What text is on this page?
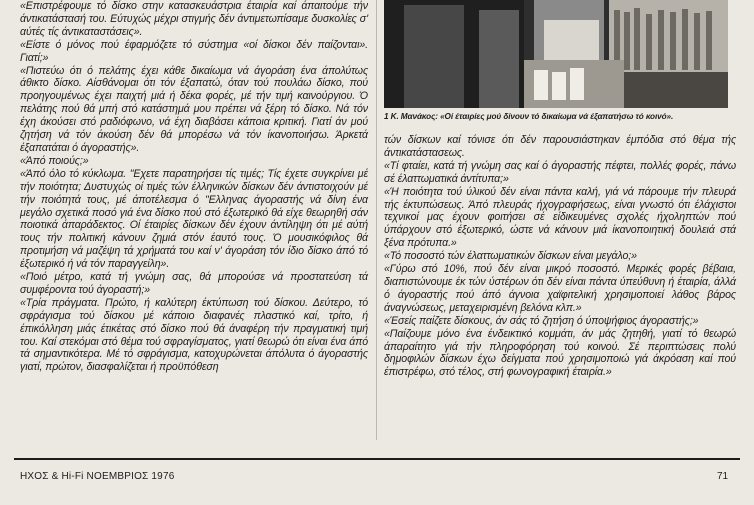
«Επιστρέφουμε τό δίσκο στην κατασκευάστρια έταιρία καί άπαιτούμε τήν άντικατάστασή του. Εύτυχώς μέχρι στιγμής δέν άντιμετωπίσαμε δυσκολίες σ' αύτές τίς άντικαταστάσεις».

«Είστε ό μόνος πού έφαρμόζετε τό σύστημα «οί δίσκοι δέν παίζονται». Γιατί;»

«Πιστεύω ότι ό πελάτης έχει κάθε δικαίωμα νά άγοράση ένα άπολύτως άθικτο δίσκο. Αίσθάνομαι ότι τόν έξαπατώ, όταν τού πουλάω δίσκο, πού προηγουμένως έχει παιχτή μιά ή δέκα φορές, μέ τήν τιμή καινούργιου. Ό πελάτης πού θά μπή στό κατάστημά μου πρέπει νά ξέρη τό δίσκο. Νά τόν έχη άκούσει στό ραδιόφωνο, νά έχη διαβάσει κάποια κριτική. Γιατί άν μού ζητήση νά τόν άκούση δέν θά μπορέσω νά τόν ίκανοποιήσω. Άρκετά έξαπατάται ό άγοραστής».

«Άπό ποιούς;»

«Άπό όλο τό κύκλωμα. "Εχετε παρατηρήσει τίς τιμές; Τίς έχετε συγκρίνει μέ τήν ποιότητα; Δυστυχώς οί τιμές τών έλληνικών δίσκων δέν άντιστοιχούν μέ τήν ποιότητά τους, μέ άποτέλεσμα ό "Ελληνας άγοραστής νά δίνη ένα μεγάλο σχετικά ποσό γιά ένα δίσκο πού στό έξωτερικό θά είχε θεωρηθή σάν ποιοτικά άπαράδεκτος. Οί έταιρίες δίσκων δέν έχουν άντίληψη ότι μέ αύτή τους τήν πολιτική κάνουν ζημιά στόν έαυτό τους. Ό μουσικόφιλος θά προτιμήση νά μαζέψη τά χρήματά του καί ν' άγοράση τόν ίδιο δίσκο άπό τό έξωτερικό ή νά τόν παραγγείλη».

«Ποιό μέτρο, κατά τή γνώμη σας, θά μπορούσε νά προστατεύση τά συμφέροντα τού άγοραστή;»

«Τρία πράγματα. Πρώτο, ή καλύτερη έκτύπωση τού δίσκου. Δεύτερο, τό σφράγισμα τού δίσκου μέ κάποιο διαφανές πλαστικό καί, τρίτο, ή έπικόλληση μιάς έτικέτας στό δίσκο πού θά άναφέρη τήν πραγματική τιμή του. Καί στεκόμαι στό θέμα τού σφραγίσματος, γιατί θεωρώ ότι είναι ένα άπό τά σημαντικότερα. Μέ τό σφράγισμα, κατοχυρώνεται άπόλυτα ό άγοραστής γιατί, πρώτον, διασφαλίζεται ή προϋπόθεση

1 Κ. Μανάκος: «Οί έταιρίες μού δίνουν τό δικαίωμα νά έξαπατήσω τό κοινό».

τών δίσκων καί τόνισε ότι δέν παρουσιάστηκαν έμπόδια στό θέμα τής άντικατάστασεως.

«Τί φταίει, κατά τή γνώμη σας καί ό άγοραστής πέφτει, πολλές φορές, πάνω σέ έλαττωματικά άντίτυπα;»

«Ή ποιότητα τού ύλικού δέν είναι πάντα καλή, γιά νά πάρουμε τήν πλευρά τής έκτυπώσεως. Άπό πλευράς ήχογραφήσεως, είναι γνωστό ότι έλάχιστοι τεχνικοί μας έχουν φοιτήσει σέ είδικευμένες σχολές ήχοληπτών πού ύπάρχουν στό έξωτερικό, ώστε νά κάνουν μιά ίκανοποιητική δουλειά στά ξένα πρότυπα.»

«Τό ποσοστό τών έλαττωματικών δίσκων είναι μεγάλο;»

«Γύρω στό 10%, πού δέν είναι μικρό ποσοστό. Μερικές φορές βέβαια, διαπιστώνουμε έκ τών ύστέρων ότι δέν είναι πάντα ύπεύθυνη ή έταιρία, άλλά ό άγοραστής πού άπό άγνοια χαϊφιτελική χρησιμοποιεί λάθος βάρος άναγνώσεως, μεταχειρισμένη βελόνα κλπ.»

«Έσείς παίζετε δίσκους, άν σάς τό ζητήση ό ύποψήφιος άγοραστής;»

«Παίζουμε μόνο ένα ένδεικτικό κομμάτι, άν μάς ζητηθή, γιατί τό θεωρώ άπαραίτητο γιά τήν πληροφόρηση τού κοινού. Σέ περιπτώσεις πολύ δημοφιλών δίσκων έχω δείγματα πού χρησιμοποιώ γιά άκρόαση καί πού έπιστρέφω, στό τέλος, στή φωνογραφική έταιρία.»

ΗΧΟΣ & Hi-Fi ΝΟΕΜΒΡΙΟΣ 1976	71
